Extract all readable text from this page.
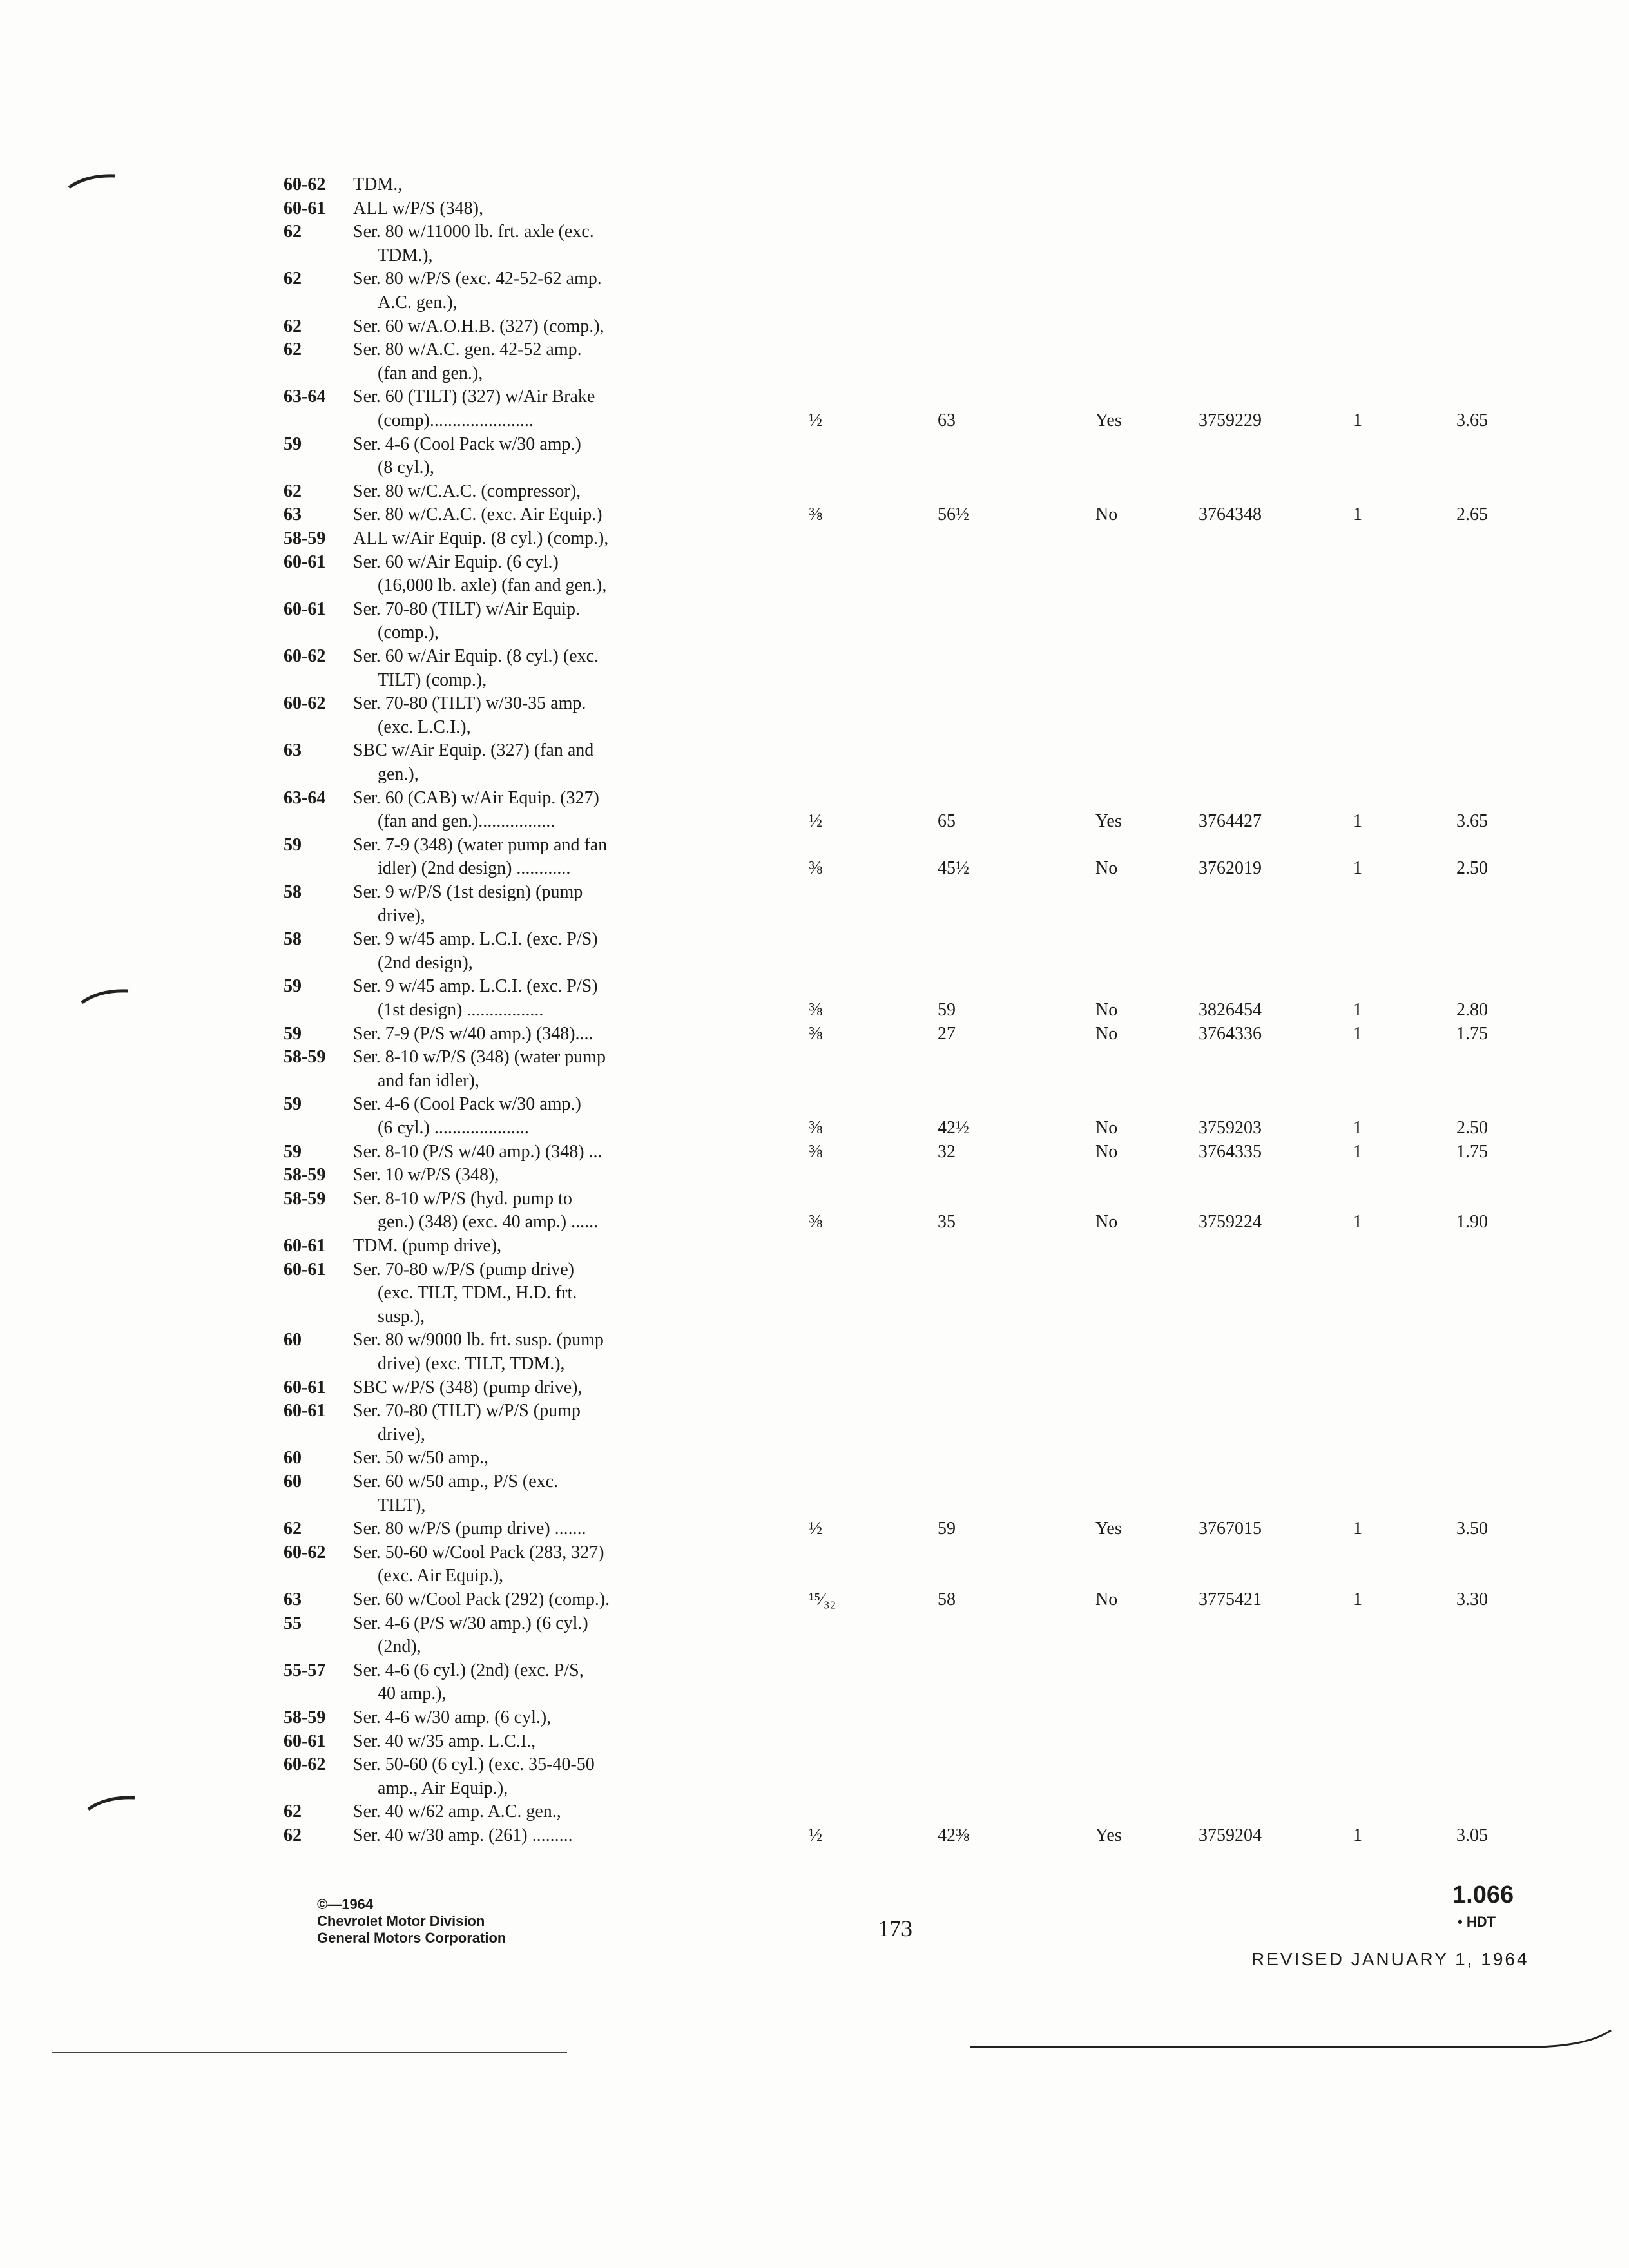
60-62 TDM.,
60-61 ALL w/P/S (348),
62	Ser. 80 w/11000 lb. frt. axle (exc.
TDM.),
62	Ser. 80 w/P/S (exc. 42-52-62 amp.
A.C. gen.),
62	Ser. 60 w/A.O.H.B. (327) (comp.),
62	Ser. 80 w/A.C. gen. 42-52 amp.
(fan and gen.),
63-64 Ser. 60 (TILT) (327) w/Air Brake
(comp).......................	½	63	Yes	3759229	1	3.65
59	Ser. 4-6 (Cool Pack w/30 amp.)
(8 cyl.),
62	Ser. 80 w/C.A.C. (compressor),
63	Ser. 80 w/C.A.C. (exc. Air Equip.)	⅜	56½	No	3764348	1	2.65
58-59 ALL w/Air Equip. (8 cyl.) (comp.),
60-61 Ser. 60 w/Air Equip. (6 cyl.)
(16,000 lb. axle) (fan and gen.),
60-61 Ser. 70-80 (TILT) w/Air Equip.
(comp.),
60-62 Ser. 60 w/Air Equip. (8 cyl.) (exc.
TILT) (comp.),
60-62 Ser. 70-80 (TILT) w/30-35 amp.
(exc. L.C.I.),
63	SBC w/Air Equip. (327) (fan and
gen.),
63-64 Ser. 60 (CAB) w/Air Equip. (327)
(fan and gen.).................	½	65	Yes	3764427	1	3.65
59	Ser. 7-9 (348) (water pump and fan
idler) (2nd design) ............	⅜	45½	No	3762019	1	2.50
58	Ser. 9 w/P/S (1st design) (pump
drive),
58	Ser. 9 w/45 amp. L.C.I. (exc. P/S)
(2nd design),
59	Ser. 9 w/45 amp. L.C.I. (exc. P/S)
(1st design) .................	⅜	59	No	3826454	1	2.80
59	Ser. 7-9 (P/S w/40 amp.) (348)....	⅜	27	No	3764336	1	1.75
58-59 Ser. 8-10 w/P/S (348) (water pump
and fan idler),
59	Ser. 4-6 (Cool Pack w/30 amp.)
(6 cyl.) .....................	⅜	42½	No	3759203	1	2.50
59	Ser. 8-10 (P/S w/40 amp.) (348) ...	⅜	32	No	3764335	1	1.75
58-59 Ser. 10 w/P/S (348),
58-59 Ser. 8-10 w/P/S (hyd. pump to
gen.) (348) (exc. 40 amp.) ......	⅜	35	No	3759224	1	1.90
60-61 TDM. (pump drive),
60-61 Ser. 70-80 w/P/S (pump drive)
(exc. TILT, TDM., H.D. frt.
susp.),
60	Ser. 80 w/9000 lb. frt. susp. (pump
drive) (exc. TILT, TDM.),
60-61 SBC w/P/S (348) (pump drive),
60-61 Ser. 70-80 (TILT) w/P/S (pump
drive),
60	Ser. 50 w/50 amp.,
60	Ser. 60 w/50 amp., P/S (exc.
TILT),
62	Ser. 80 w/P/S (pump drive) .......	½	59	Yes	3767015	1	3.50
60-62 Ser. 50-60 w/Cool Pack (283, 327)
(exc. Air Equip.),
63	Ser. 60 w/Cool Pack (292) (comp.).	¹⁵⁄₃₂	58	No	3775421	1	3.30
55	Ser. 4-6 (P/S w/30 amp.) (6 cyl.)
(2nd),
55-57 Ser. 4-6 (6 cyl.) (2nd) (exc. P/S,
40 amp.),
58-59 Ser. 4-6 w/30 amp. (6 cyl.),
60-61 Ser. 40 w/35 amp. L.C.I.,
60-62 Ser. 50-60 (6 cyl.) (exc. 35-40-50
amp., Air Equip.),
62	Ser. 40 w/62 amp. A.C. gen.,
62	Ser. 40 w/30 amp. (261) .........	½	42⅜	Yes	3759204	1	3.05
©—1964
Chevrolet Motor Division
General Motors Corporation	173
1.066
• HDT
REVISED JANUARY 1, 1964
